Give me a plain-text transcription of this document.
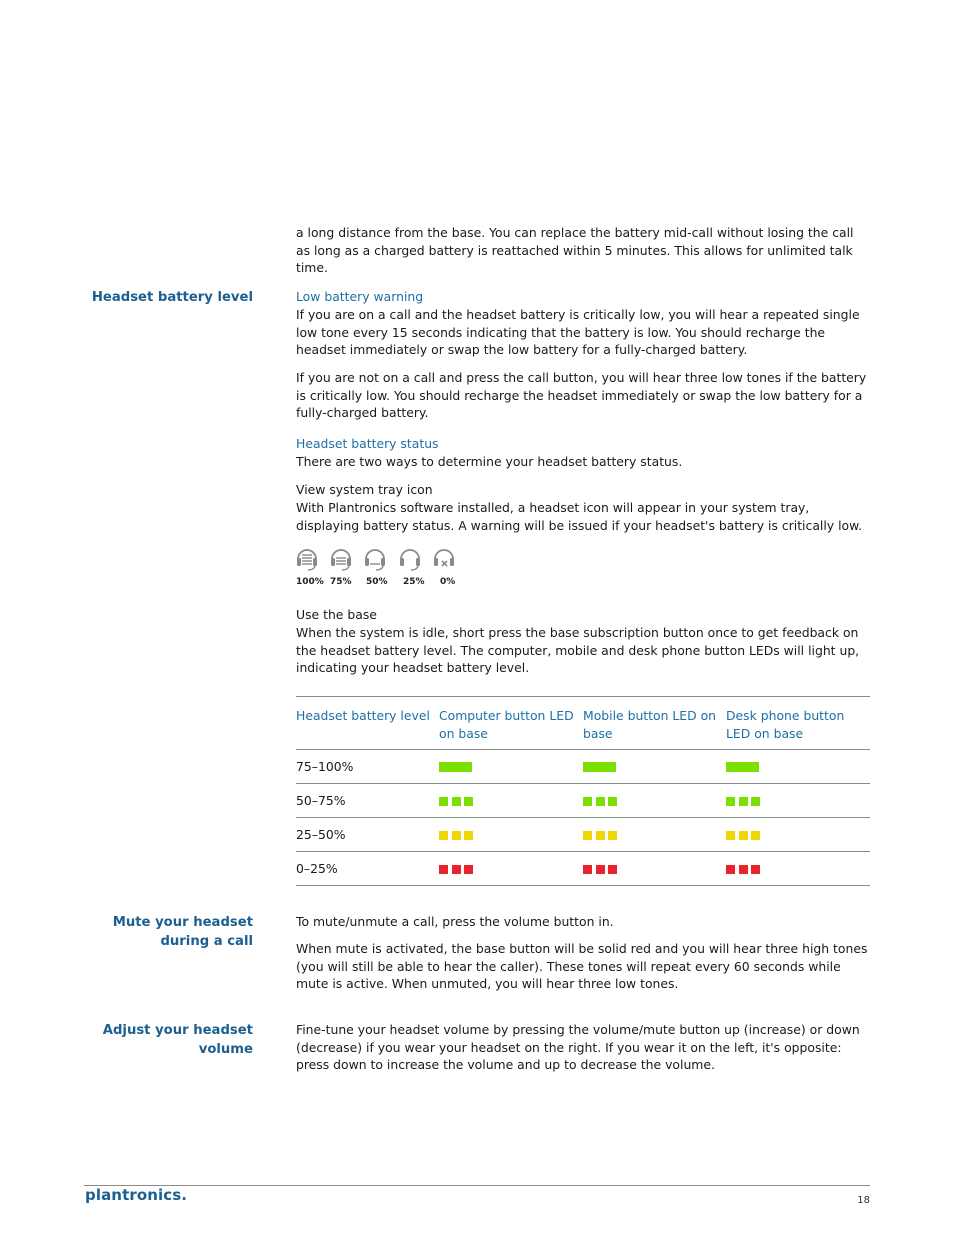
a long distance from the base. You can replace the battery mid-call without losing the call as long as a charged battery is reattached within 5 minutes. This allows for unlimited talk time.

Headset battery level	Low battery warning

If you are on a call and the headset battery is critically low, you will hear a repeated single low tone every 15 seconds indicating that the battery is low. You should recharge the headset immediately or swap the low battery for a fully-charged battery.

If you are not on a call and press the call button, you will hear three low tones if the battery is critically low. You should recharge the headset immediately or swap the low battery for a fully-charged battery.

Headset battery status

There are two ways to determine your headset battery status.

View system tray icon

With Plantronics software installed, a headset icon will appear in your system tray, displaying battery status. A warning will be issued if your headset's battery is critically low.

100% 75% 50% 25% 0%
Use the base

When the system is idle, short press the base subscription button once to get feedback on the headset battery level. The computer, mobile and desk phone button LEDs will light up, indicating your headset battery level.

Headset battery level	Computer button LED on base	Mobile button LED on base	Desk phone button LED on base
75–100%			
50–75%	

25–50%	

0–25%	

Mute your headset during a call

To mute/unmute a call, press the volume button in.

When mute is activated, the base button will be solid red and you will hear three high tones (you will still be able to hear the caller). These tones will repeat every 60 seconds while mute is active. When unmuted, you will hear three low tones.

Adjust your headset volume

Fine-tune your headset volume by pressing the volume/mute button up (increase) or down (decrease) if you wear your headset on the right. If you wear it on the left, it's opposite: press down to increase the volume and up to decrease the volume.

plantronics.	18
